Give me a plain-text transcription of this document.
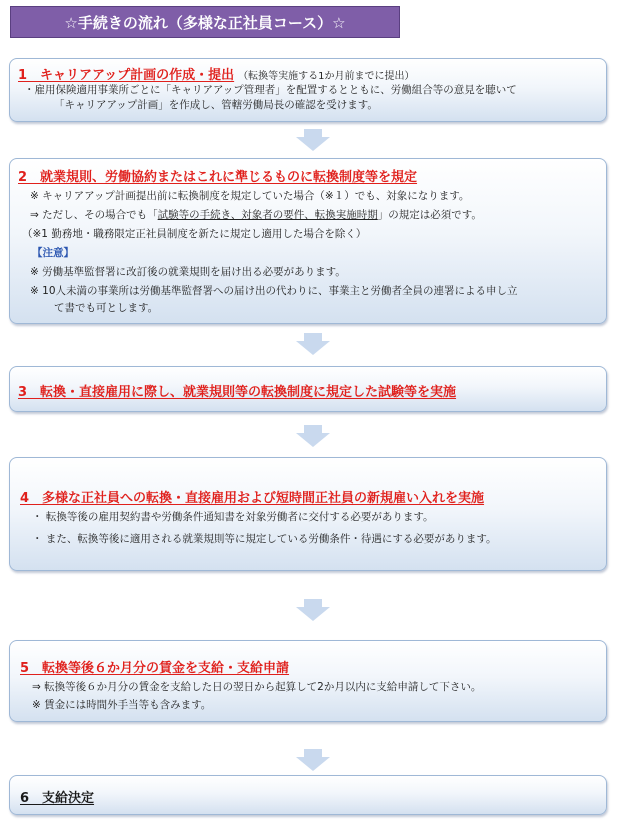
☆手続きの流れ（多様な正社員コース）☆
1　キャリアアップ計画の作成・提出 （転換等実施する1か月前までに提出）
・雇用保険適用事業所ごとに「キャリアアップ管理者」を配置するとともに、労働組合等の意見を聴いて
「キャリアアップ計画」を作成し、管轄労働局長の確認を受けます。
2　就業規則、労働協約またはこれに準じるものに転換制度等を規定
※ キャリアアップ計画提出前に転換制度を規定していた場合（※１）でも、対象になります。
⇒ ただし、その場合でも「試験等の手続き、対象者の要件、転換実施時期」の規定は必須です。
（※1 勤務地・職務限定正社員制度を新たに規定し適用した場合を除く）
【注意】
※ 労働基準監督署に改訂後の就業規則を届け出る必要があります。
※ 10人未満の事業所は労働基準監督署への届け出の代わりに、事業主と労働者全員の連署による申し立
て書でも可とします。
3　転換・直接雇用に際し、就業規則等の転換制度に規定した試験等を実施
4　多様な正社員への転換・直接雇用および短時間正社員の新規雇い入れを実施
・ 転換等後の雇用契約書や労働条件通知書を対象労働者に交付する必要があります。
・ また、転換等後に適用される就業規則等に規定している労働条件・待遇にする必要があります。
5　転換等後６か月分の賃金を支給・支給申請
⇒ 転換等後６か月分の賃金を支給した日の翌日から起算して2か月以内に支給申請して下さい。
※ 賃金には時間外手当等も含みます。
6　支給決定
